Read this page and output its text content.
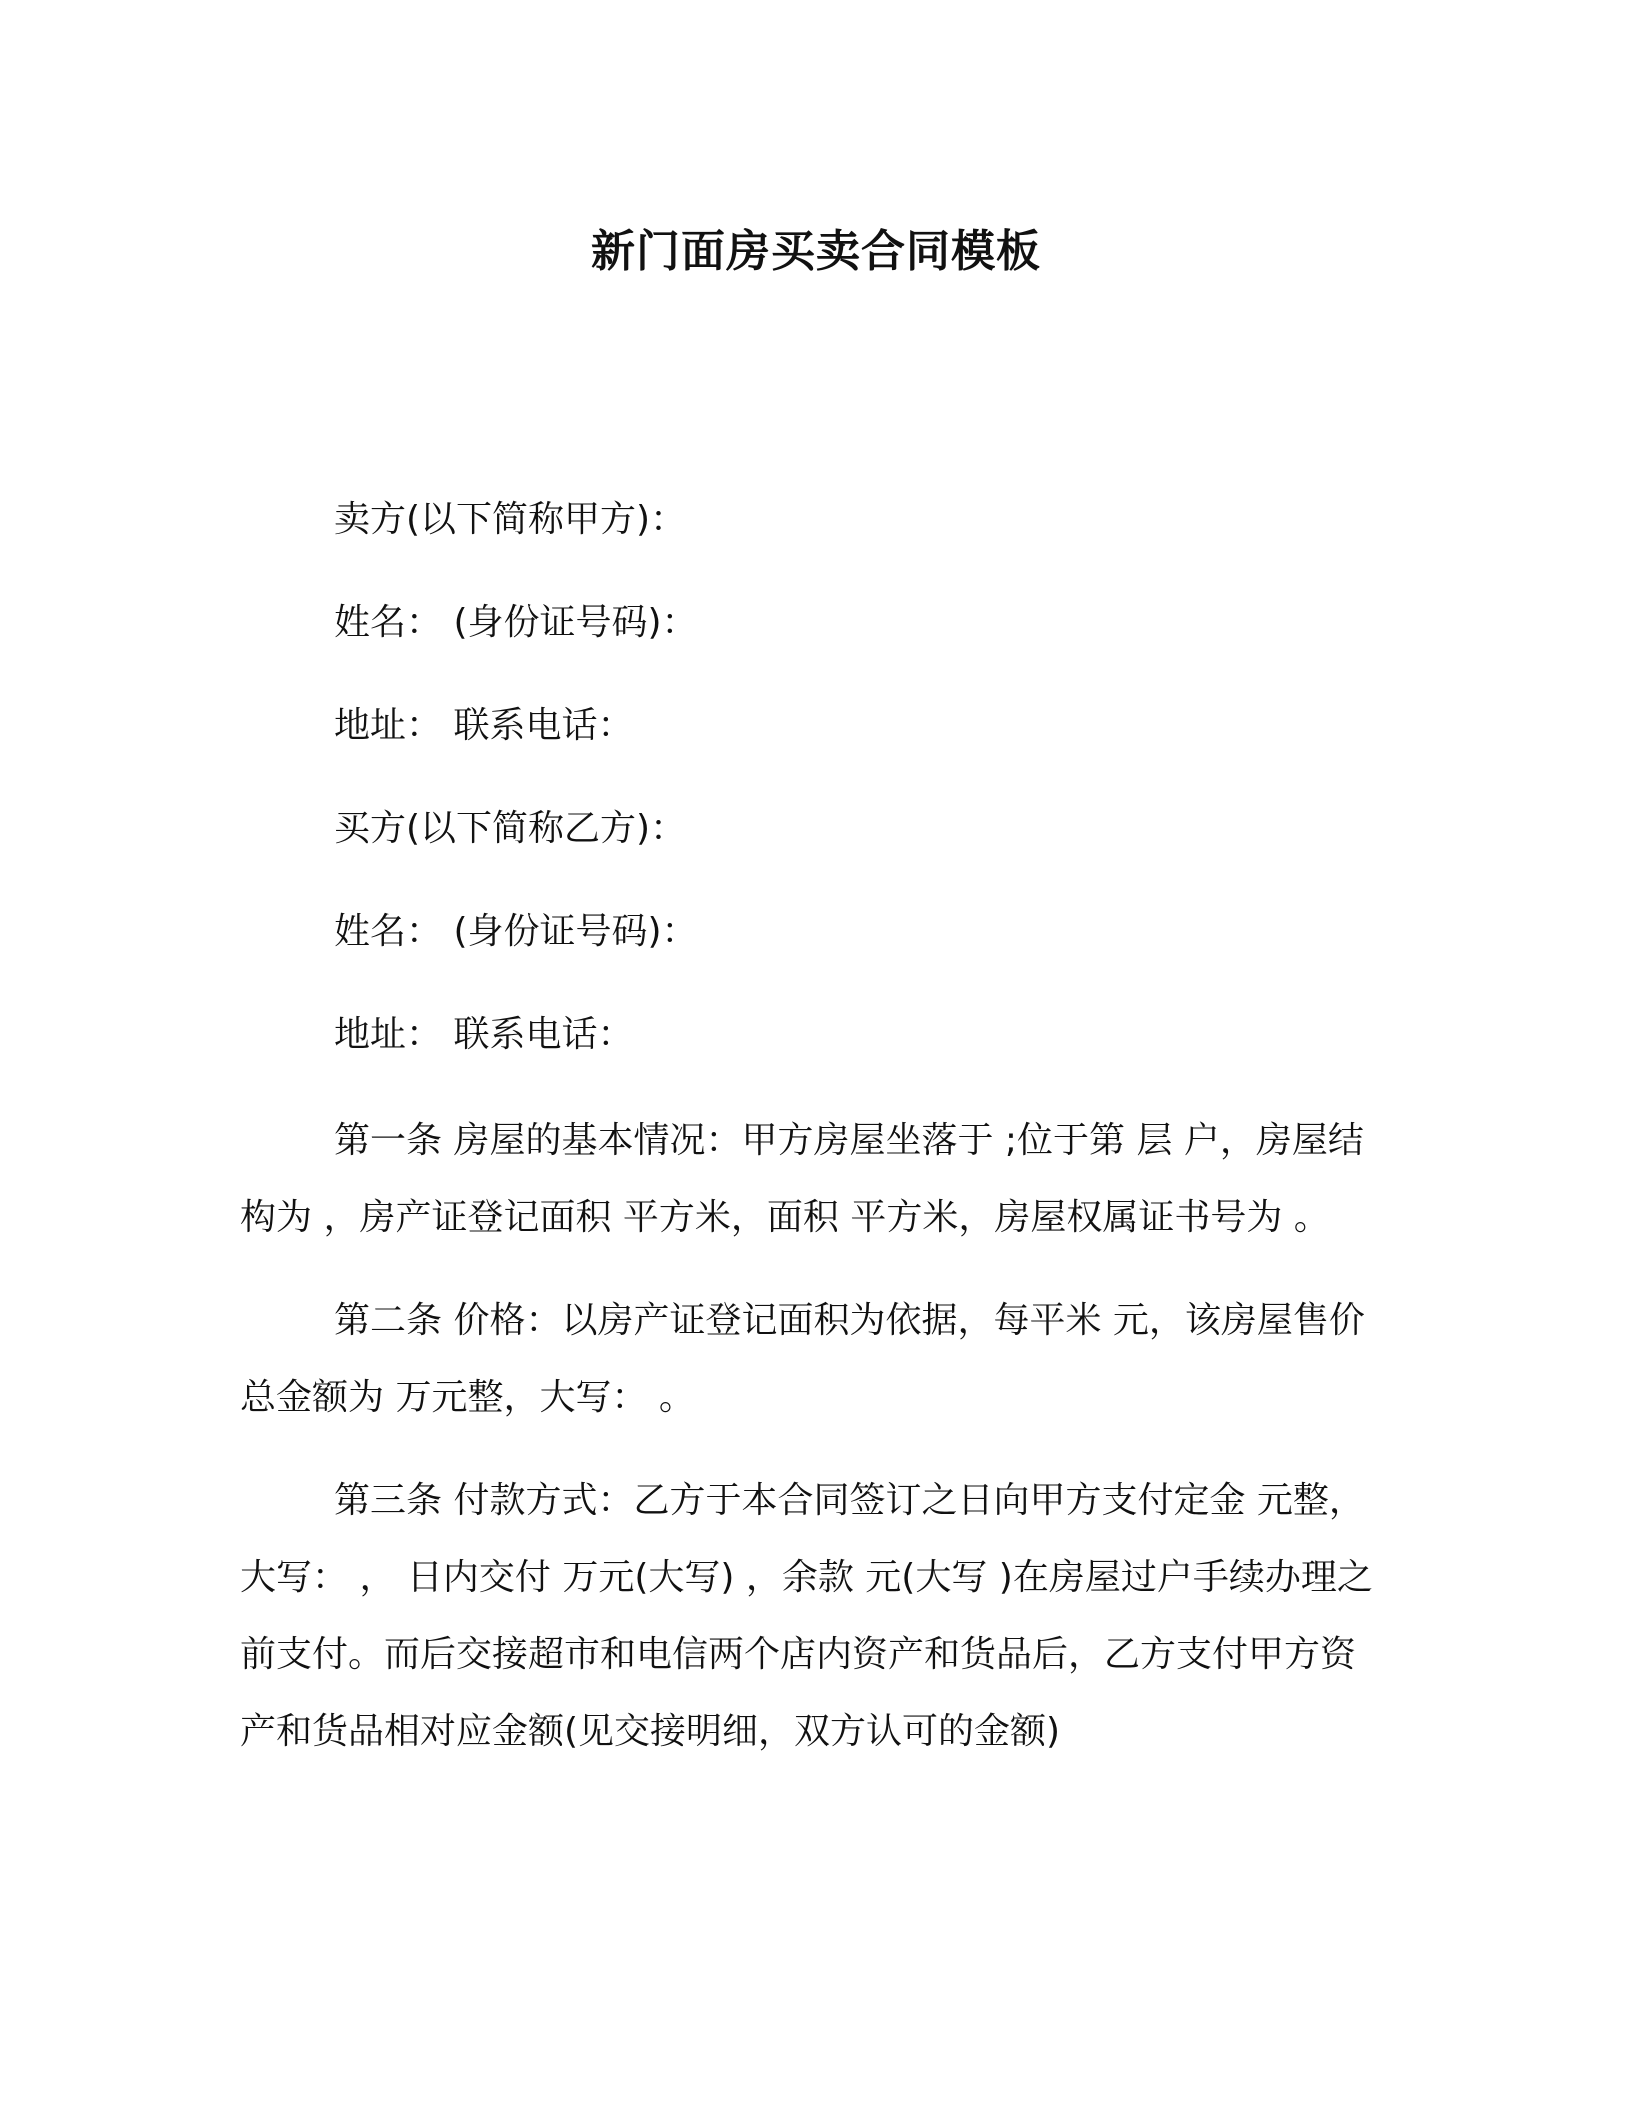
新门面房买卖合同模板
卖方(以下简称甲方)：
姓名： (身份证号码)：
地址： 联系电话：
买方(以下简称乙方)：
姓名： (身份证号码)：
地址： 联系电话：
第一条 房屋的基本情况：甲方房屋坐落于 ;位于第 层 户，房屋结构为 ，房产证登记面积 平方米，面积 平方米，房屋权属证书号为 。
第二条 价格：以房产证登记面积为依据，每平米 元，该房屋售价总金额为 万元整，大写： 。
第三条 付款方式：乙方于本合同签订之日向甲方支付定金 元整，大写： ， 日内交付 万元(大写) ，余款 元(大写 )在房屋过户手续办理之前支付。而后交接超市和电信两个店内资产和货品后，乙方支付甲方资产和货品相对应金额(见交接明细，双方认可的金额)
